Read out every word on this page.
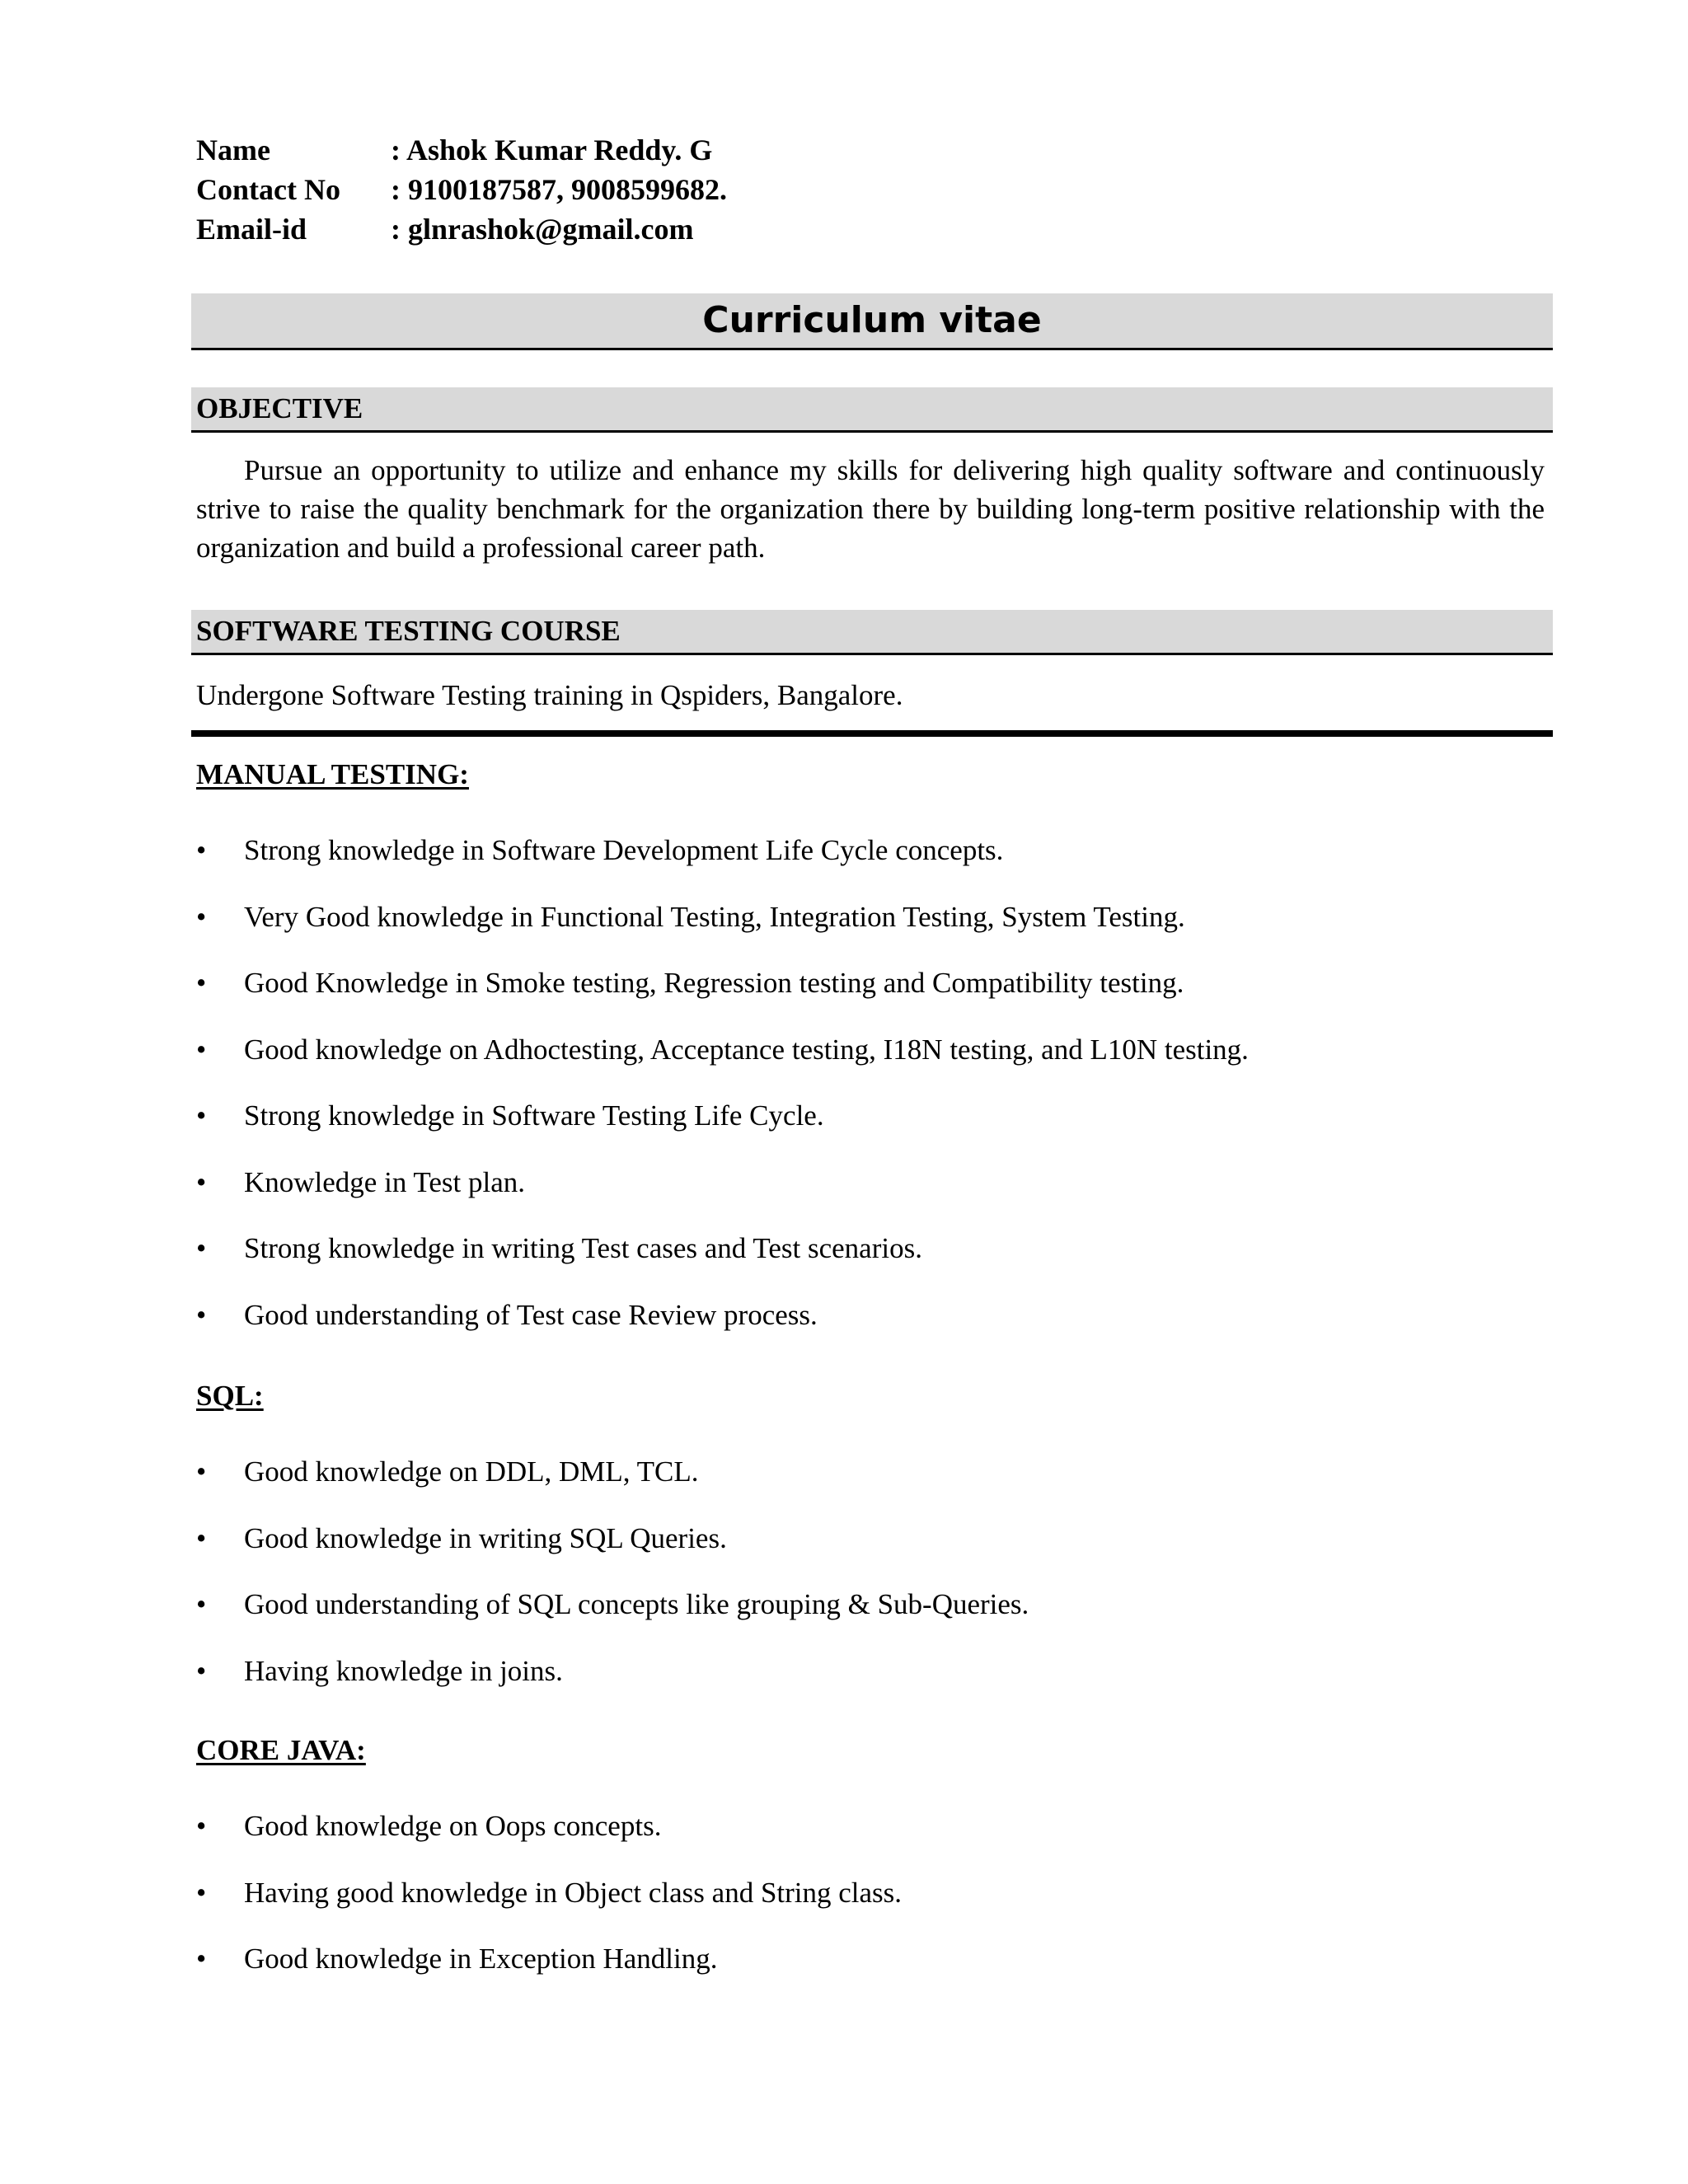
Name	: Ashok Kumar Reddy. G
Contact No : 9100187587, 9008599682.
Email-id	: glnrashok@gmail.com
Curriculum vitae
OBJECTIVE
Pursue an opportunity to utilize and enhance my skills for delivering high quality software and continuously strive to raise the quality benchmark for the organization there by building long-term positive relationship with the organization and build a professional career path.
SOFTWARE TESTING COURSE
Undergone Software Testing training in Qspiders, Bangalore.
MANUAL TESTING:
• Strong knowledge in Software Development Life Cycle concepts.
• Very Good knowledge in Functional Testing, Integration Testing, System Testing.
• Good Knowledge in Smoke testing, Regression testing and Compatibility testing.
• Good knowledge on Adhoctesting, Acceptance testing, I18N testing, and L10N testing.
• Strong knowledge in Software Testing Life Cycle.
• Knowledge in Test plan.
• Strong knowledge in writing Test cases and Test scenarios.
• Good understanding of Test case Review process.
SQL:
• Good knowledge on DDL, DML, TCL.
• Good knowledge in writing SQL Queries.
• Good understanding of SQL concepts like grouping & Sub-Queries.
• Having knowledge in joins.
CORE JAVA:
• Good knowledge on Oops concepts.
• Having good knowledge in Object class and String class.
• Good knowledge in Exception Handling.
